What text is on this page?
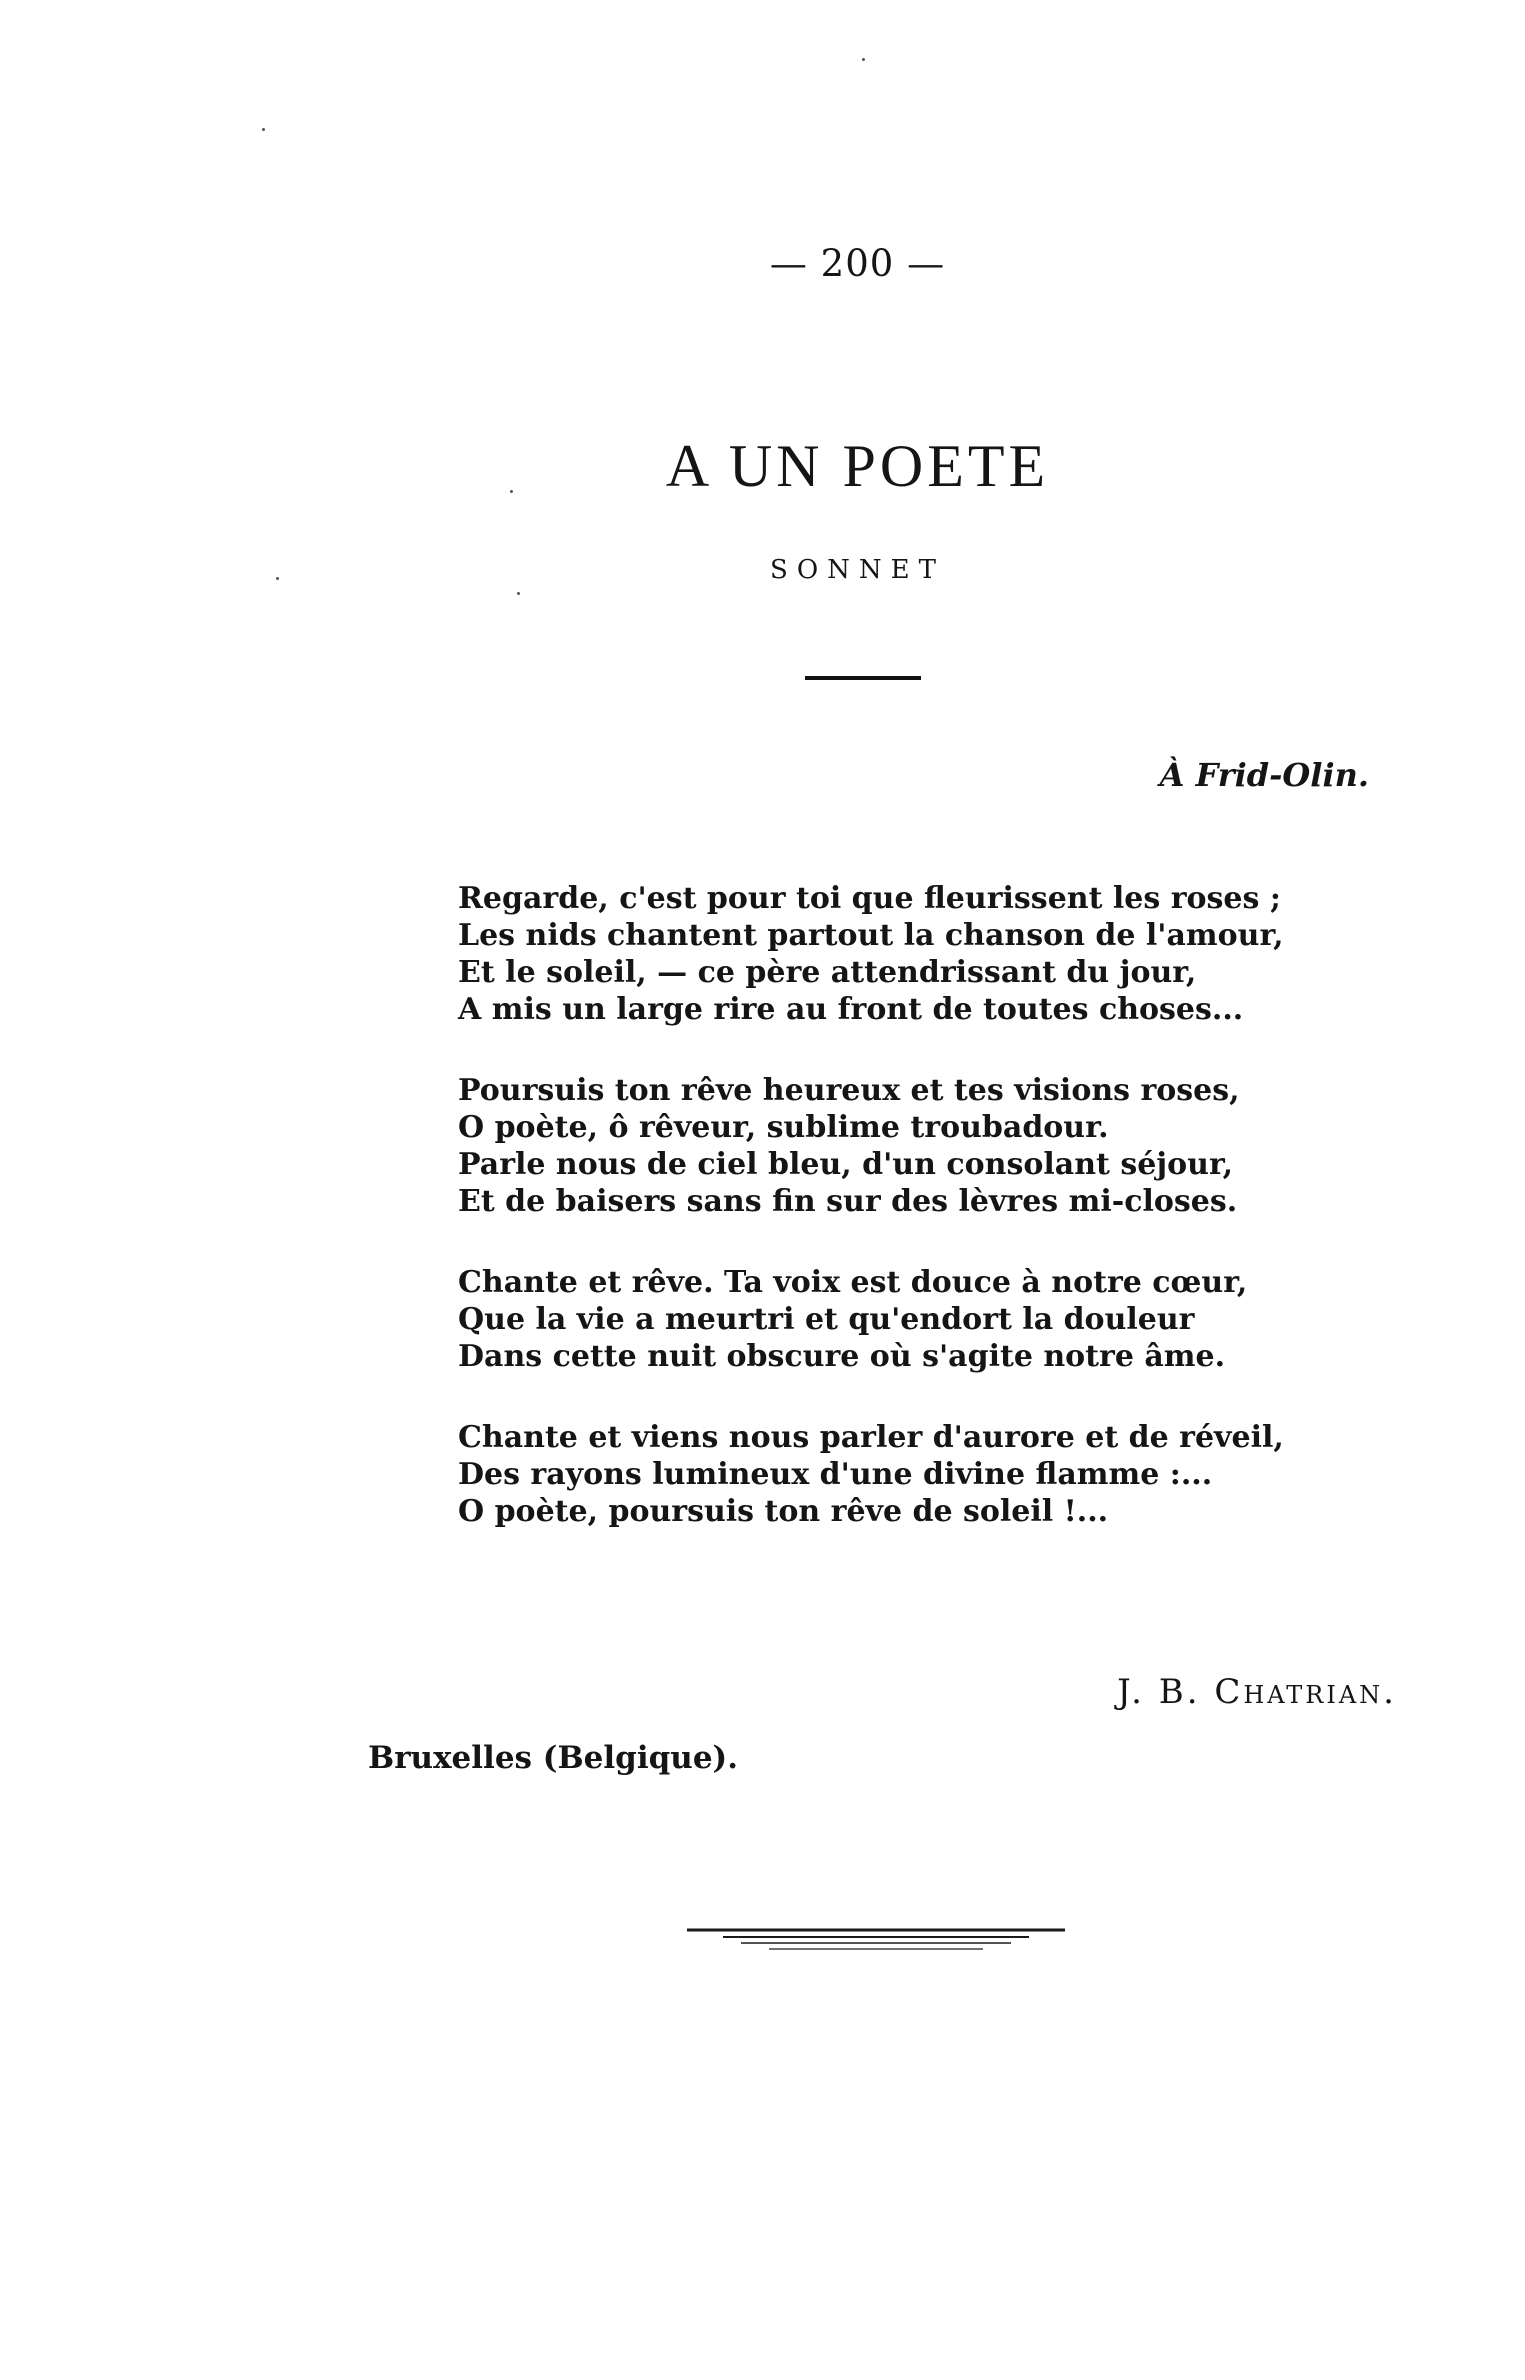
— 200 —
A UN POETE
SONNET
À Frid-Olin.
Regarde, c'est pour toi que fleurissent les roses ;
Les nids chantent partout la chanson de l'amour,
Et le soleil, — ce père attendrissant du jour,
A mis un large rire au front de toutes choses...
Poursuis ton rêve heureux et tes visions roses,
O poète, ô rêveur, sublime troubadour.
Parle nous de ciel bleu, d'un consolant séjour,
Et de baisers sans fin sur des lèvres mi-closes.
Chante et rêve. Ta voix est douce à notre cœur,
Que la vie a meurtri et qu'endort la douleur
Dans cette nuit obscure où s'agite notre âme.
Chante et viens nous parler d'aurore et de réveil,
Des rayons lumineux d'une divine flamme :...
O poète, poursuis ton rêve de soleil !...
J. B. Chatrian.
Bruxelles (Belgique).
